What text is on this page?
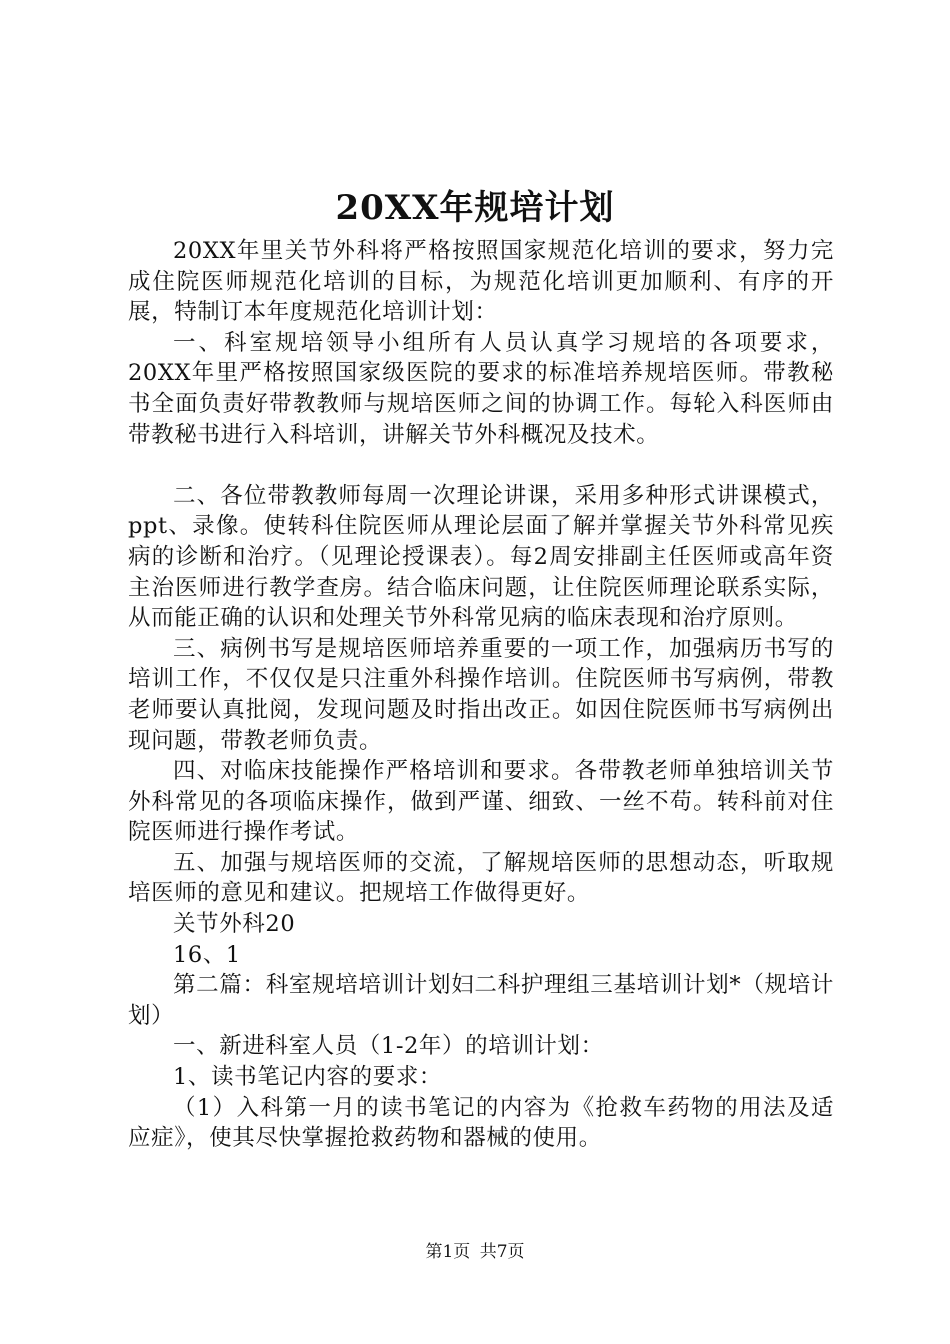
20XX年规培计划

20XX年里关节外科将严格按照国家规范化培训的要求，努力完成住院医师规范化培训的目标，为规范化培训更加顺利、有序的开展，特制订本年度规范化培训计划：

一、科室规培领导小组所有人员认真学习规培的各项要求，20XX年里严格按照国家级医院的要求的标准培养规培医师。带教秘书全面负责好带教教师与规培医师之间的协调工作。每轮入科医师由带教秘书进行入科培训，讲解关节外科概况及技术。

二、各位带教教师每周一次理论讲课，采用多种形式讲课模式，ppt、录像。使转科住院医师从理论层面了解并掌握关节外科常见疾病的诊断和治疗。（见理论授课表）。每2周安排副主任医师或高年资主治医师进行教学查房。结合临床问题，让住院医师理论联系实际，从而能正确的认识和处理关节外科常见病的临床表现和治疗原则。

三、病例书写是规培医师培养重要的一项工作，加强病历书写的培训工作，不仅仅是只注重外科操作培训。住院医师书写病例，带教老师要认真批阅，发现问题及时指出改正。如因住院医师书写病例出现问题，带教老师负责。

四、对临床技能操作严格培训和要求。各带教老师单独培训关节外科常见的各项临床操作，做到严谨、细致、一丝不苟。转科前对住院医师进行操作考试。

五、加强与规培医师的交流，了解规培医师的思想动态，听取规培医师的意见和建议。把规培工作做得更好。

关节外科20

16、1

第二篇：科室规培培训计划妇二科护理组三基培训计划*（规培计划）

一、新进科室人员（1-2年）的培训计划：

1、读书笔记内容的要求：

（1）入科第一月的读书笔记的内容为《抢救车药物的用法及适应症》，使其尽快掌握抢救药物和器械的使用。

第1页 共7页
